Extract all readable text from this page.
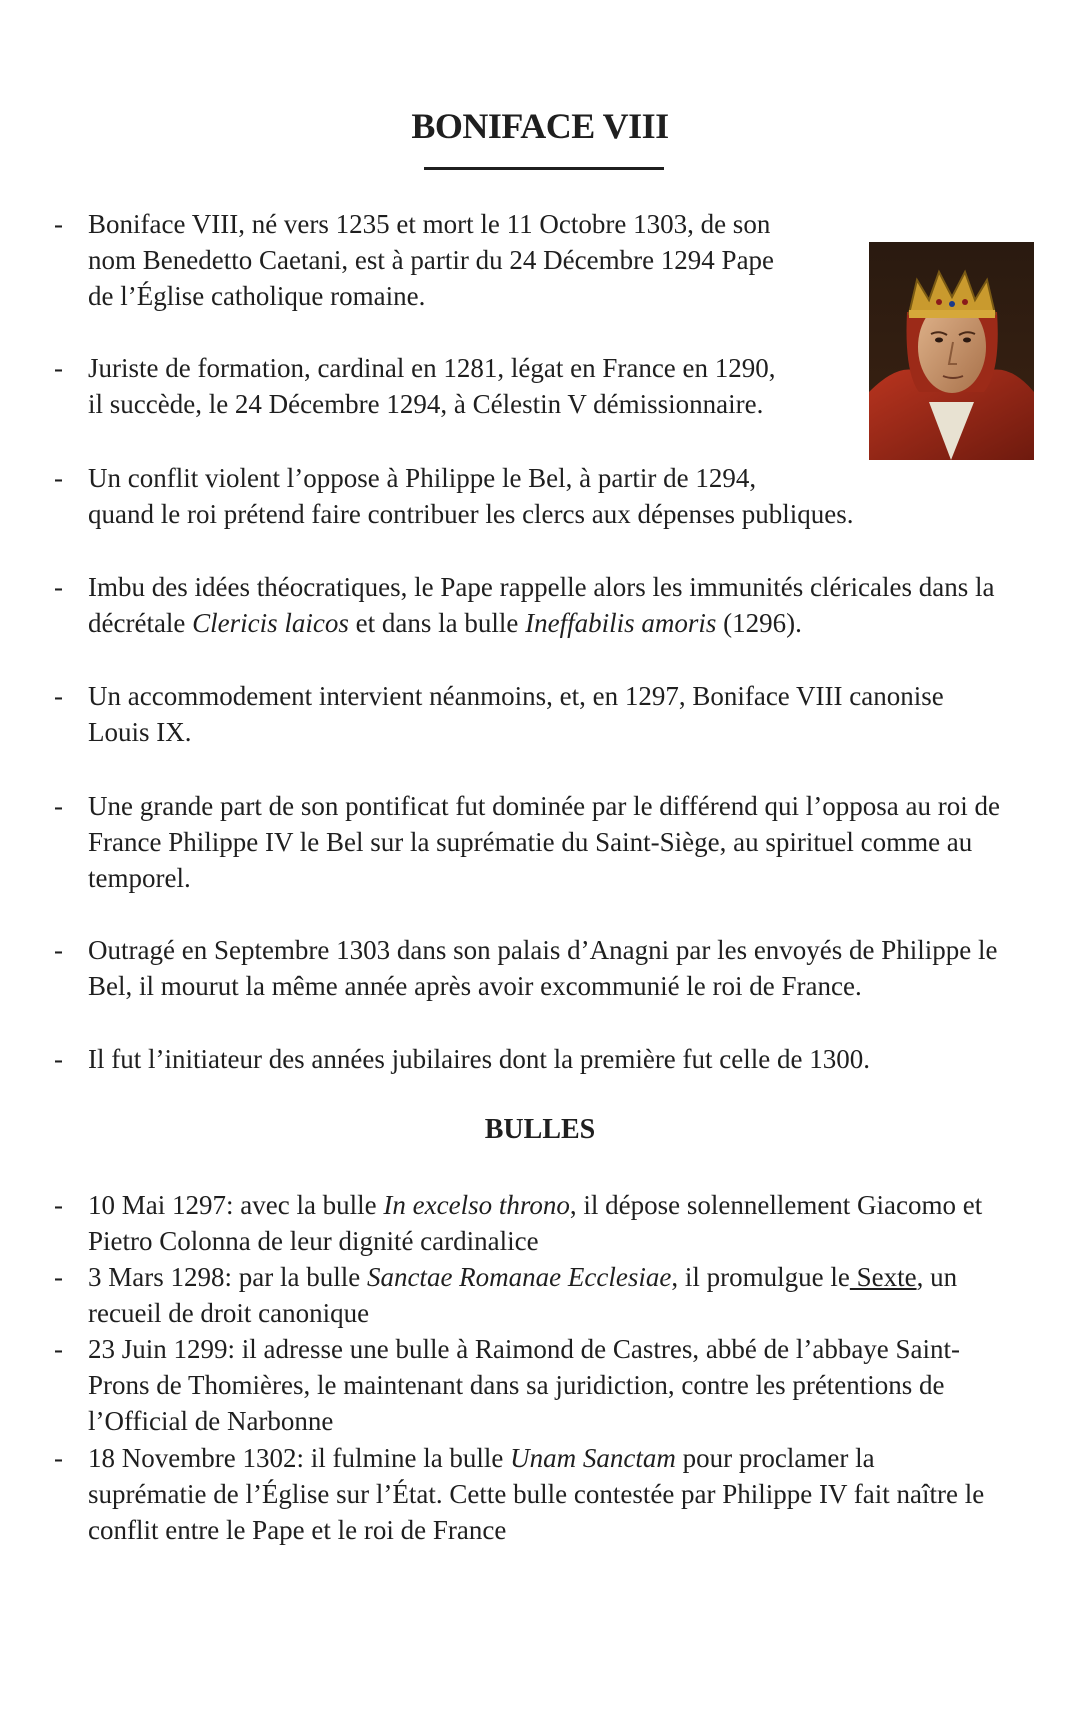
BONIFACE VIII
- Boniface VIII, né vers 1235 et mort le 11 Octobre 1303, de son
nom Benedetto Caetani, est à partir du 24 Décembre 1294 Pape
de l’Église catholique romaine.
- Juriste de formation, cardinal en 1281, légat en France en 1290,
il succède, le 24 Décembre 1294, à Célestin V démissionnaire.
- Un conflit violent l’oppose à Philippe le Bel, à partir de 1294,
quand le roi prétend faire contribuer les clercs aux dépenses publiques.
- Imbu des idées théocratiques, le Pape rappelle alors les immunités cléricales dans la
décrétale Clericis laicos et dans la bulle Ineffabilis amoris (1296).
- Un accommodement intervient néanmoins, et, en 1297, Boniface VIII canonise
Louis IX.
- Une grande part de son pontificat fut dominée par le différend qui l’opposa au roi de
France Philippe IV le Bel sur la suprématie du Saint-Siège, au spirituel comme au
temporel.
- Outragé en Septembre 1303 dans son palais d’Anagni par les envoyés de Philippe le
Bel, il mourut la même année après avoir excommunié le roi de France.
- Il fut l’initiateur des années jubilaires dont la première fut celle de 1300.
BULLES
- 10 Mai 1297: avec la bulle In excelso throno, il dépose solennellement Giacomo et
Pietro Colonna de leur dignité cardinalice
- 3 Mars 1298: par la bulle Sanctae Romanae Ecclesiae, il promulgue le Sexte, un
recueil de droit canonique
- 23 Juin 1299: il adresse une bulle à Raimond de Castres, abbé de l’abbaye Saint-
Prons de Thomières, le maintenant dans sa juridiction, contre les prétentions de
l’Official de Narbonne
- 18 Novembre 1302: il fulmine la bulle Unam Sanctam pour proclamer la
suprématie de l’Église sur l’État. Cette bulle contestée par Philippe IV fait naître le
conflit entre le Pape et le roi de France
